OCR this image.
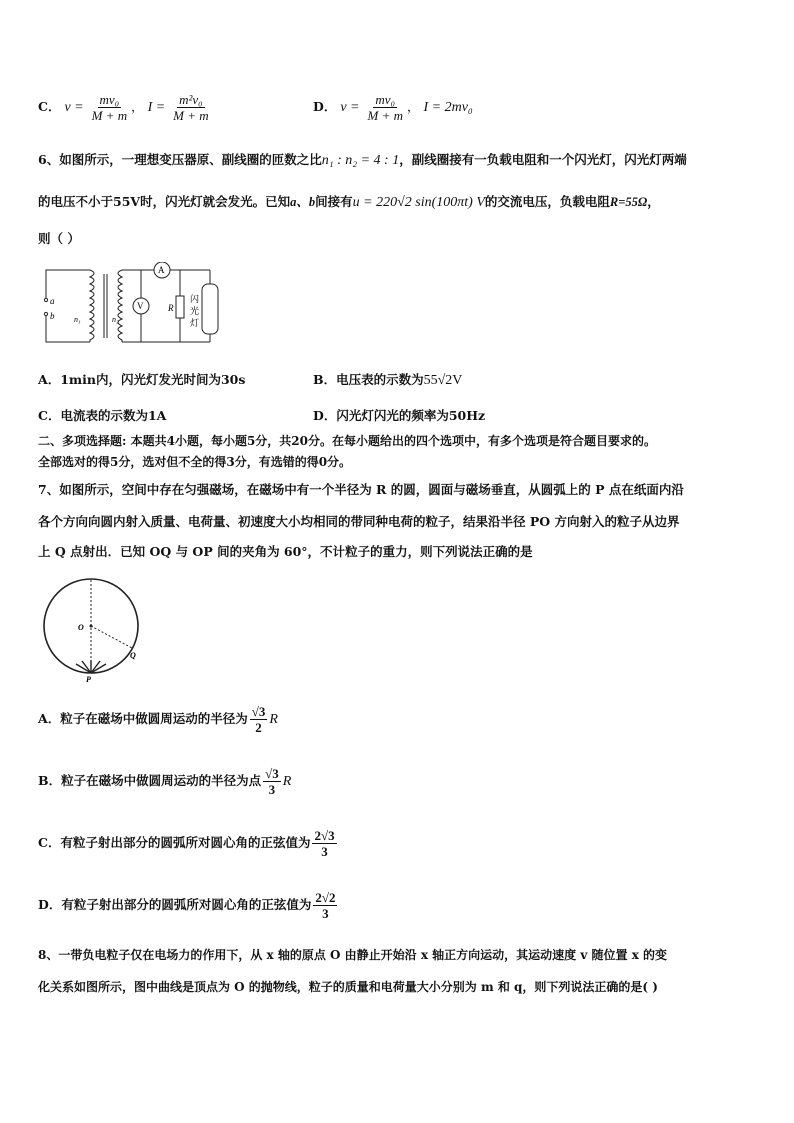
C． $v = \frac{\text{mv₀}}{M + m}$ ， $I = \frac{\text{m²v₀}}{M + m}$	D． $v = \frac{\text{mv₀}}{M + m}$ ， I = 2mv₀
6、如图所示，一理想变压器原、副线圈的匝数之比n₁ : n₂ = 4 : 1，副线圈接有一负载电阻和一个闪光灯，闪光灯两端
的电压不小于55V时，闪光灯就会发光。已知a、b间接有u = 220√2 sin(100πt) V的交流电压，负载电阻R=55Ω，
则（ ）
a
b n₁	n₂
A
V	R
闪
光
灯
A．1min内，闪光灯发光时间为30s	B．电压表的示数为55√2V
C．电流表的示数为1A	D．闪光灯闪光的频率为50Hz
二、多项选择题: 本题共4小题，每小题5分，共20分。在每小题给出的四个选项中，有多个选项是符合题目要求的。
全部选对的得5分，选对但不全的得3分，有选错的得0分。
7、如图所示，空间中存在匀强磁场，在磁场中有一个半径为 R 的圆，圆面与磁场垂直，从圆弧上的 P 点在纸面内沿
各个方向向圆内射入质量、电荷量、初速度大小均相同的带同种电荷的粒子，结果沿半径 PO 方向射入的粒子从边界
上 Q 点射出．已知 OQ 与 OP 间的夹角为 60°，不计粒子的重力，则下列说法正确的是
O
Q
P
A．粒子在磁场中做圆周运动的半径为 $\frac{√3}{2}$ R
B．粒子在磁场中做圆周运动的半径为点 $\frac{√3}{3}$ R
C．有粒子射出部分的圆弧所对圆心角的正弦值为 $\frac{2√3}{3}$
D．有粒子射出部分的圆弧所对圆心角的正弦值为 $\frac{2√2}{3}$
8、一带负电粒子仅在电场力的作用下，从 x 轴的原点 O 由静止开始沿 x 轴正方向运动，其运动速度 v 随位置 x 的变
化关系如图所示，图中曲线是顶点为 O 的抛物线，粒子的质量和电荷量大小分别为 m 和 q，则下列说法正确的是( )
